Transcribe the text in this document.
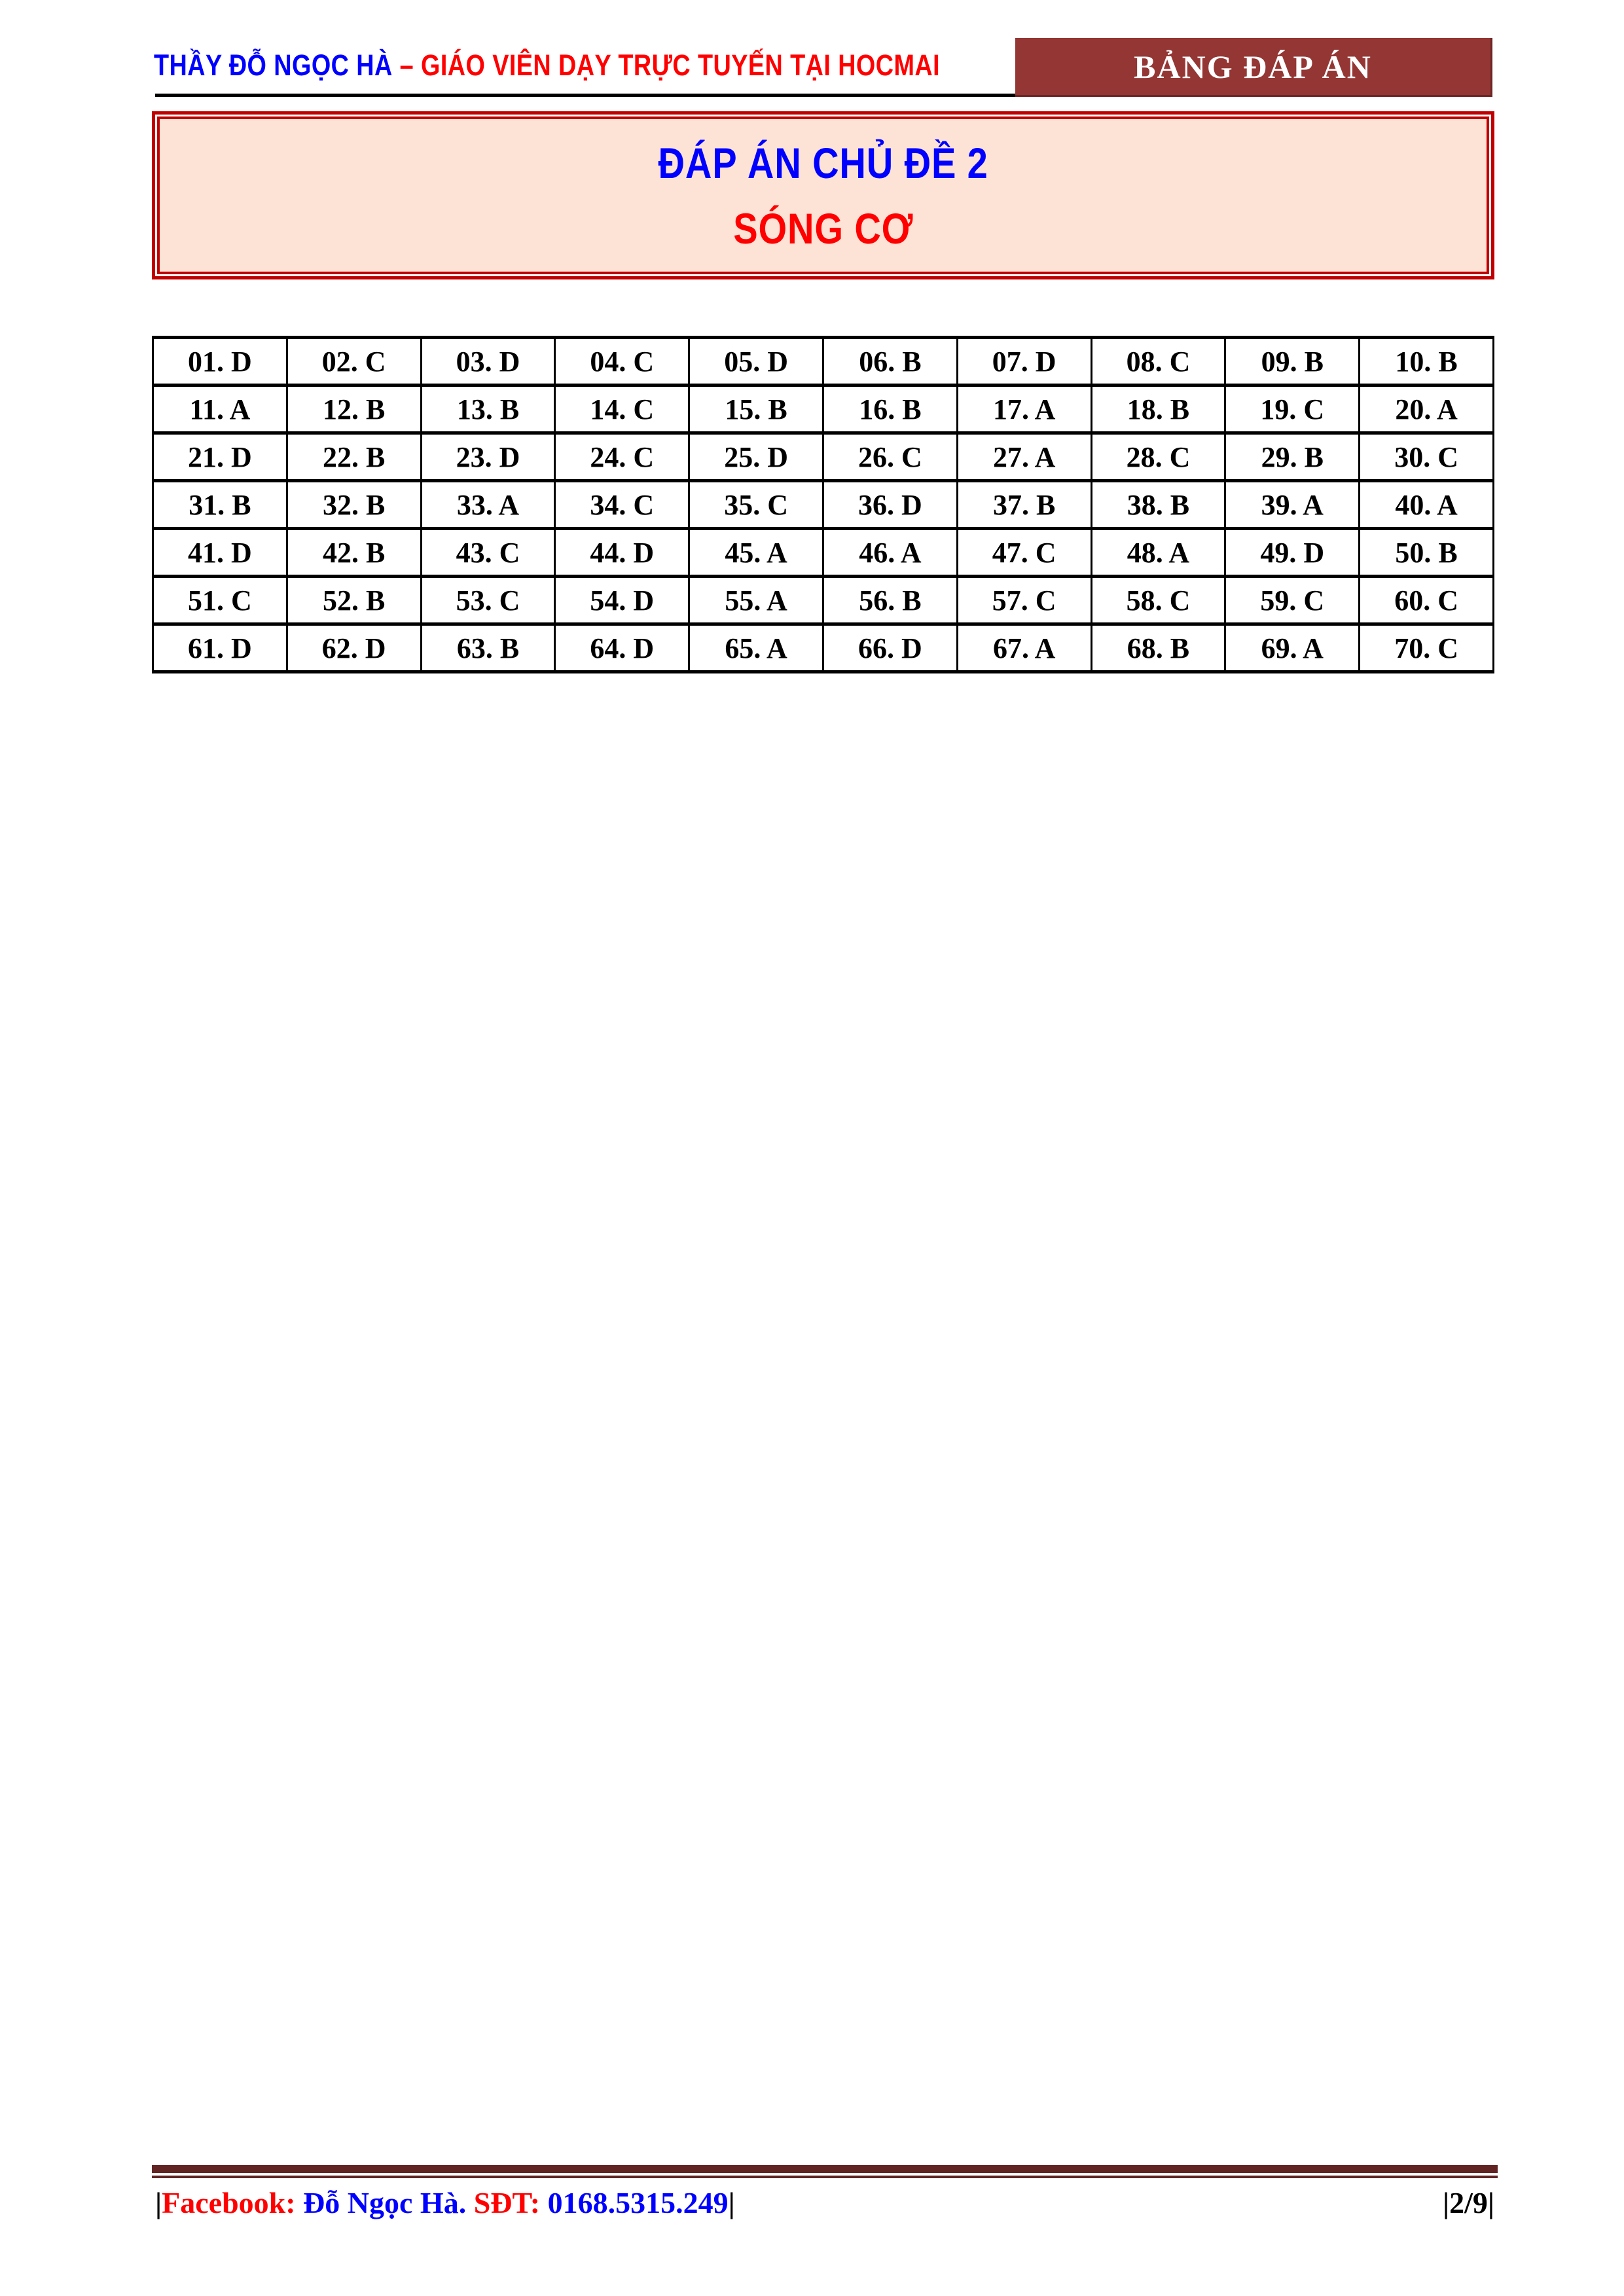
THẦY ĐỖ NGỌC HÀ – GIÁO VIÊN DẠY TRỰC TUYẾN TẠI HOCMAI	BẢNG ĐÁP ÁN
ĐÁP ÁN CHỦ ĐỀ 2
SÓNG CƠ
01. D	02. C	03. D	04. C	05. D	06. B	07. D	08. C	09. B	10. B
11. A	12. B	13. B	14. C	15. B	16. B	17. A	18. B	19. C	20. A
21. D	22. B	23. D	24. C	25. D	26. C	27. A	28. C	29. B	30. C
31. B	32. B	33. A	34. C	35. C	36. D	37. B	38. B	39. A	40. A
41. D	42. B	43. C	44. D	45. A	46. A	47. C	48. A	49. D	50. B
51. C	52. B	53. C	54. D	55. A	56. B	57. C	58. C	59. C	60. C
61. D	62. D	63. B	64. D	65. A	66. D	67. A	68. B	69. A	70. C
|Facebook: Đỗ Ngọc Hà. SĐT: 0168.5315.249|	|2/9|
